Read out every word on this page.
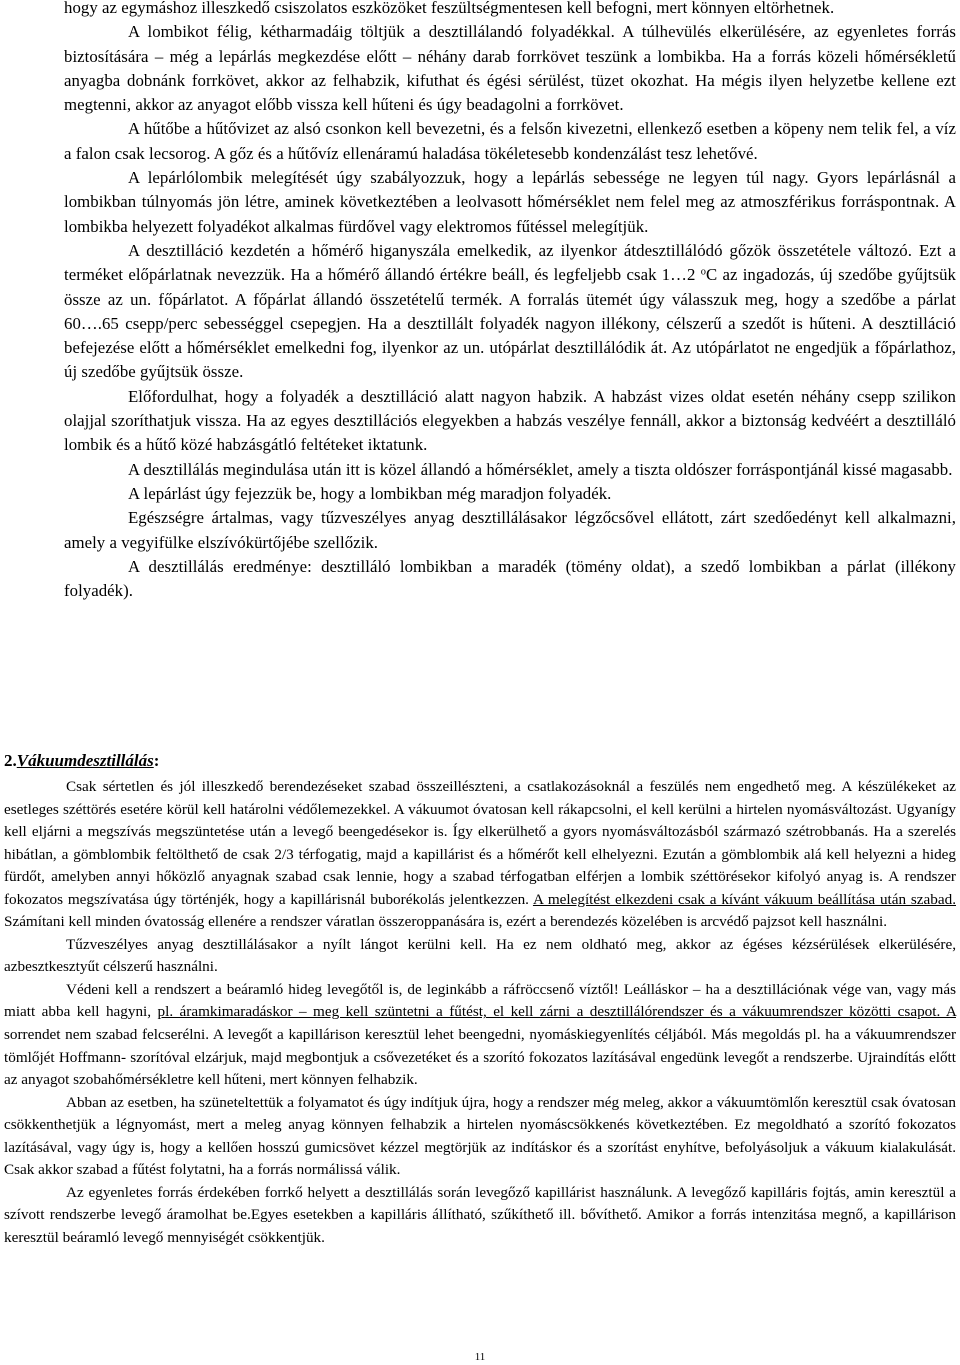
hogy az egymáshoz illeszkedő csiszolatos eszközöket feszültségmentesen kell befogni, mert könnyen eltörhetnek.

A lombikot félig, kétharmadáig töltjük a desztillálandó folyadékkal. A túlhevülés elkerülésére, az egyenletes forrás biztosítására – még a lepárlás megkezdése előtt – néhány darab forrkövet teszünk a lombikba. Ha a forrás közeli hőmérsékletű anyagba dobnánk forrkövet, akkor az felhabzik, kifuthat és égési sérülést, tüzet okozhat. Ha mégis ilyen helyzetbe kellene ezt megtenni, akkor az anyagot előbb vissza kell hűteni és úgy beadagolni a forrkövet.

A hűtőbe a hűtővizet az alsó csonkon kell bevezetni, és a felsőn kivezetni, ellenkező esetben a köpeny nem telik fel, a víz a falon csak lecsorog. A gőz és a hűtővíz ellenáramú haladása tökéletesebb kondenzálást tesz lehetővé.

A lepárlólombik melegítését úgy szabályozzuk, hogy a lepárlás sebessége ne legyen túl nagy. Gyors lepárlásnál a lombikban túlnyomás jön létre, aminek következtében a leolvasott hőmérséklet nem felel meg az atmoszférikus forráspontnak. A lombikba helyezett folyadékot alkalmas fürdővel vagy elektromos fűtéssel melegítjük.

A desztilláció kezdetén a hőmérő higanyszála emelkedik, az ilyenkor átdesztillálódó gőzök összetétele változó. Ezt a terméket előpárlatnak nevezzük. Ha a hőmérő állandó értékre beáll, és legfeljebb csak 1…2 $^o$C az ingadozás, új szedőbe gyűjtsük össze az un. főpárlatot. A főpárlat állandó összetételű termék. A forralás ütemét úgy válasszuk meg, hogy a szedőbe a párlat 60….65 csepp/perc sebességgel csepegjen. Ha a desztillált folyadék nagyon illékony, célszerű a szedőt is hűteni. A desztilláció befejezése előtt a hőmérséklet emelkedni fog, ilyenkor az un. utópárlat desztillálódik át. Az utópárlatot ne engedjük a főpárlathoz, új szedőbe gyűjtsük össze.

Előfordulhat, hogy a folyadék a desztilláció alatt nagyon habzik. A habzást vizes oldat esetén néhány csepp szilikon olajjal szoríthatjuk vissza. Ha az egyes desztillációs elegyekben a habzás veszélye fennáll, akkor a biztonság kedvéért a desztilláló lombik és a hűtő közé habzásgátló feltéteket iktatunk.

A desztillálás megindulása után itt is közel állandó a hőmérséklet, amely a tiszta oldószer forráspontjánál kissé magasabb.

A lepárlást úgy fejezzük be, hogy a lombikban még maradjon folyadék.

Egészségre ártalmas, vagy tűzveszélyes anyag desztillálásakor légzőcsővel ellátott, zárt szedőedényt kell alkalmazni, amely a vegyifülke elszívókürtőjébe szellőzik.

A desztillálás eredménye: desztilláló lombikban a maradék (tömény oldat), a szedő lombikban a párlat (illékony folyadék).

2.Vákuumdesztillálás:

Csak sértetlen és jól illeszkedő berendezéseket szabad összeillészteni, a csatlakozásoknál a feszülés nem engedhető meg. A készülékeket az esetleges széttörés esetére körül kell határolni védőlemezekkel. A vákuumot óvatosan kell rákapcsolni, el kell kerülni a hirtelen nyomásváltozást. Ugyanígy kell eljárni a megszívás megszüntetése után a levegő beengedésekor is. Így elkerülhető a gyors nyomásváltozásból származó szétrobbanás. Ha a szerelés hibátlan, a gömblombik feltölthető de csak 2/3 térfogatig, majd a kapillárist és a hőmérőt kell elhelyezni. Ezután a gömblombik alá kell helyezni a hideg fürdőt, amelyben annyi hőközlő anyagnak szabad csak lennie, hogy a szabad térfogatban elférjen a lombik széttörésekor kifolyó anyag is. A rendszer fokozatos megszívatása úgy történjék, hogy a kapillárisnál buborékolás jelentkezzen. A melegítést elkezdeni csak a kívánt vákuum beállítása után szabad. Számítani kell minden óvatosság ellenére a rendszer váratlan összeroppanására is, ezért a berendezés közelében is arcvédő pajzsot kell használni.

Tűzveszélyes anyag desztillálásakor a nyílt lángot kerülni kell. Ha ez nem oldható meg, akkor az égéses kézsérülések elkerülésére, azbesztkesztyűt célszerű használni.

Védeni kell a rendszert a beáramló hideg levegőtől is, de leginkább a ráfröccsenő víztől! Leálláskor – ha a desztillációnak vége van, vagy más miatt abba kell hagyni, pl. áramkimaradáskor – meg kell szüntetni a fűtést, el kell zárni a desztillálórendszer és a vákuumrendszer közötti csapot. A sorrendet nem szabad felcserélni. A levegőt a kapillárison keresztül lehet beengedni, nyomáskiegyenlítés céljából. Más megoldás pl. ha a vákuumrendszer tömlőjét Hoffmann- szorítóval elzárjuk, majd megbontjuk a csővezetéket és a szorító fokozatos lazításával engedünk levegőt a rendszerbe. Ujraindítás előtt az anyagot szobahőmérsékletre kell hűteni, mert könnyen felhabzik.

Abban az esetben, ha szüneteltettük a folyamatot és úgy indítjuk újra, hogy a rendszer még meleg, akkor a vákuumtömlőn keresztül csak óvatosan csökkenthetjük a légnyomást, mert a meleg anyag könnyen felhabzik a hirtelen nyomáscsökkenés következtében. Ez megoldható a szorító fokozatos lazításával, vagy úgy is, hogy a kellően hosszú gumicsövet kézzel megtörjük az indításkor és a szorítást enyhítve, befolyásoljuk a vákuum kialakulását. Csak akkor szabad a fűtést folytatni, ha a forrás normálissá válik.

Az egyenletes forrás érdekében forrkő helyett a desztillálás során levegőző kapillárist használunk. A levegőző kapilláris fojtás, amin keresztül a szívott rendszerbe levegő áramolhat be.Egyes esetekben a kapilláris állítható, szűkíthető ill. bővíthető. Amikor a forrás intenzitása megnő, a kapillárison keresztül beáramló levegő mennyiségét csökkentjük.

11
